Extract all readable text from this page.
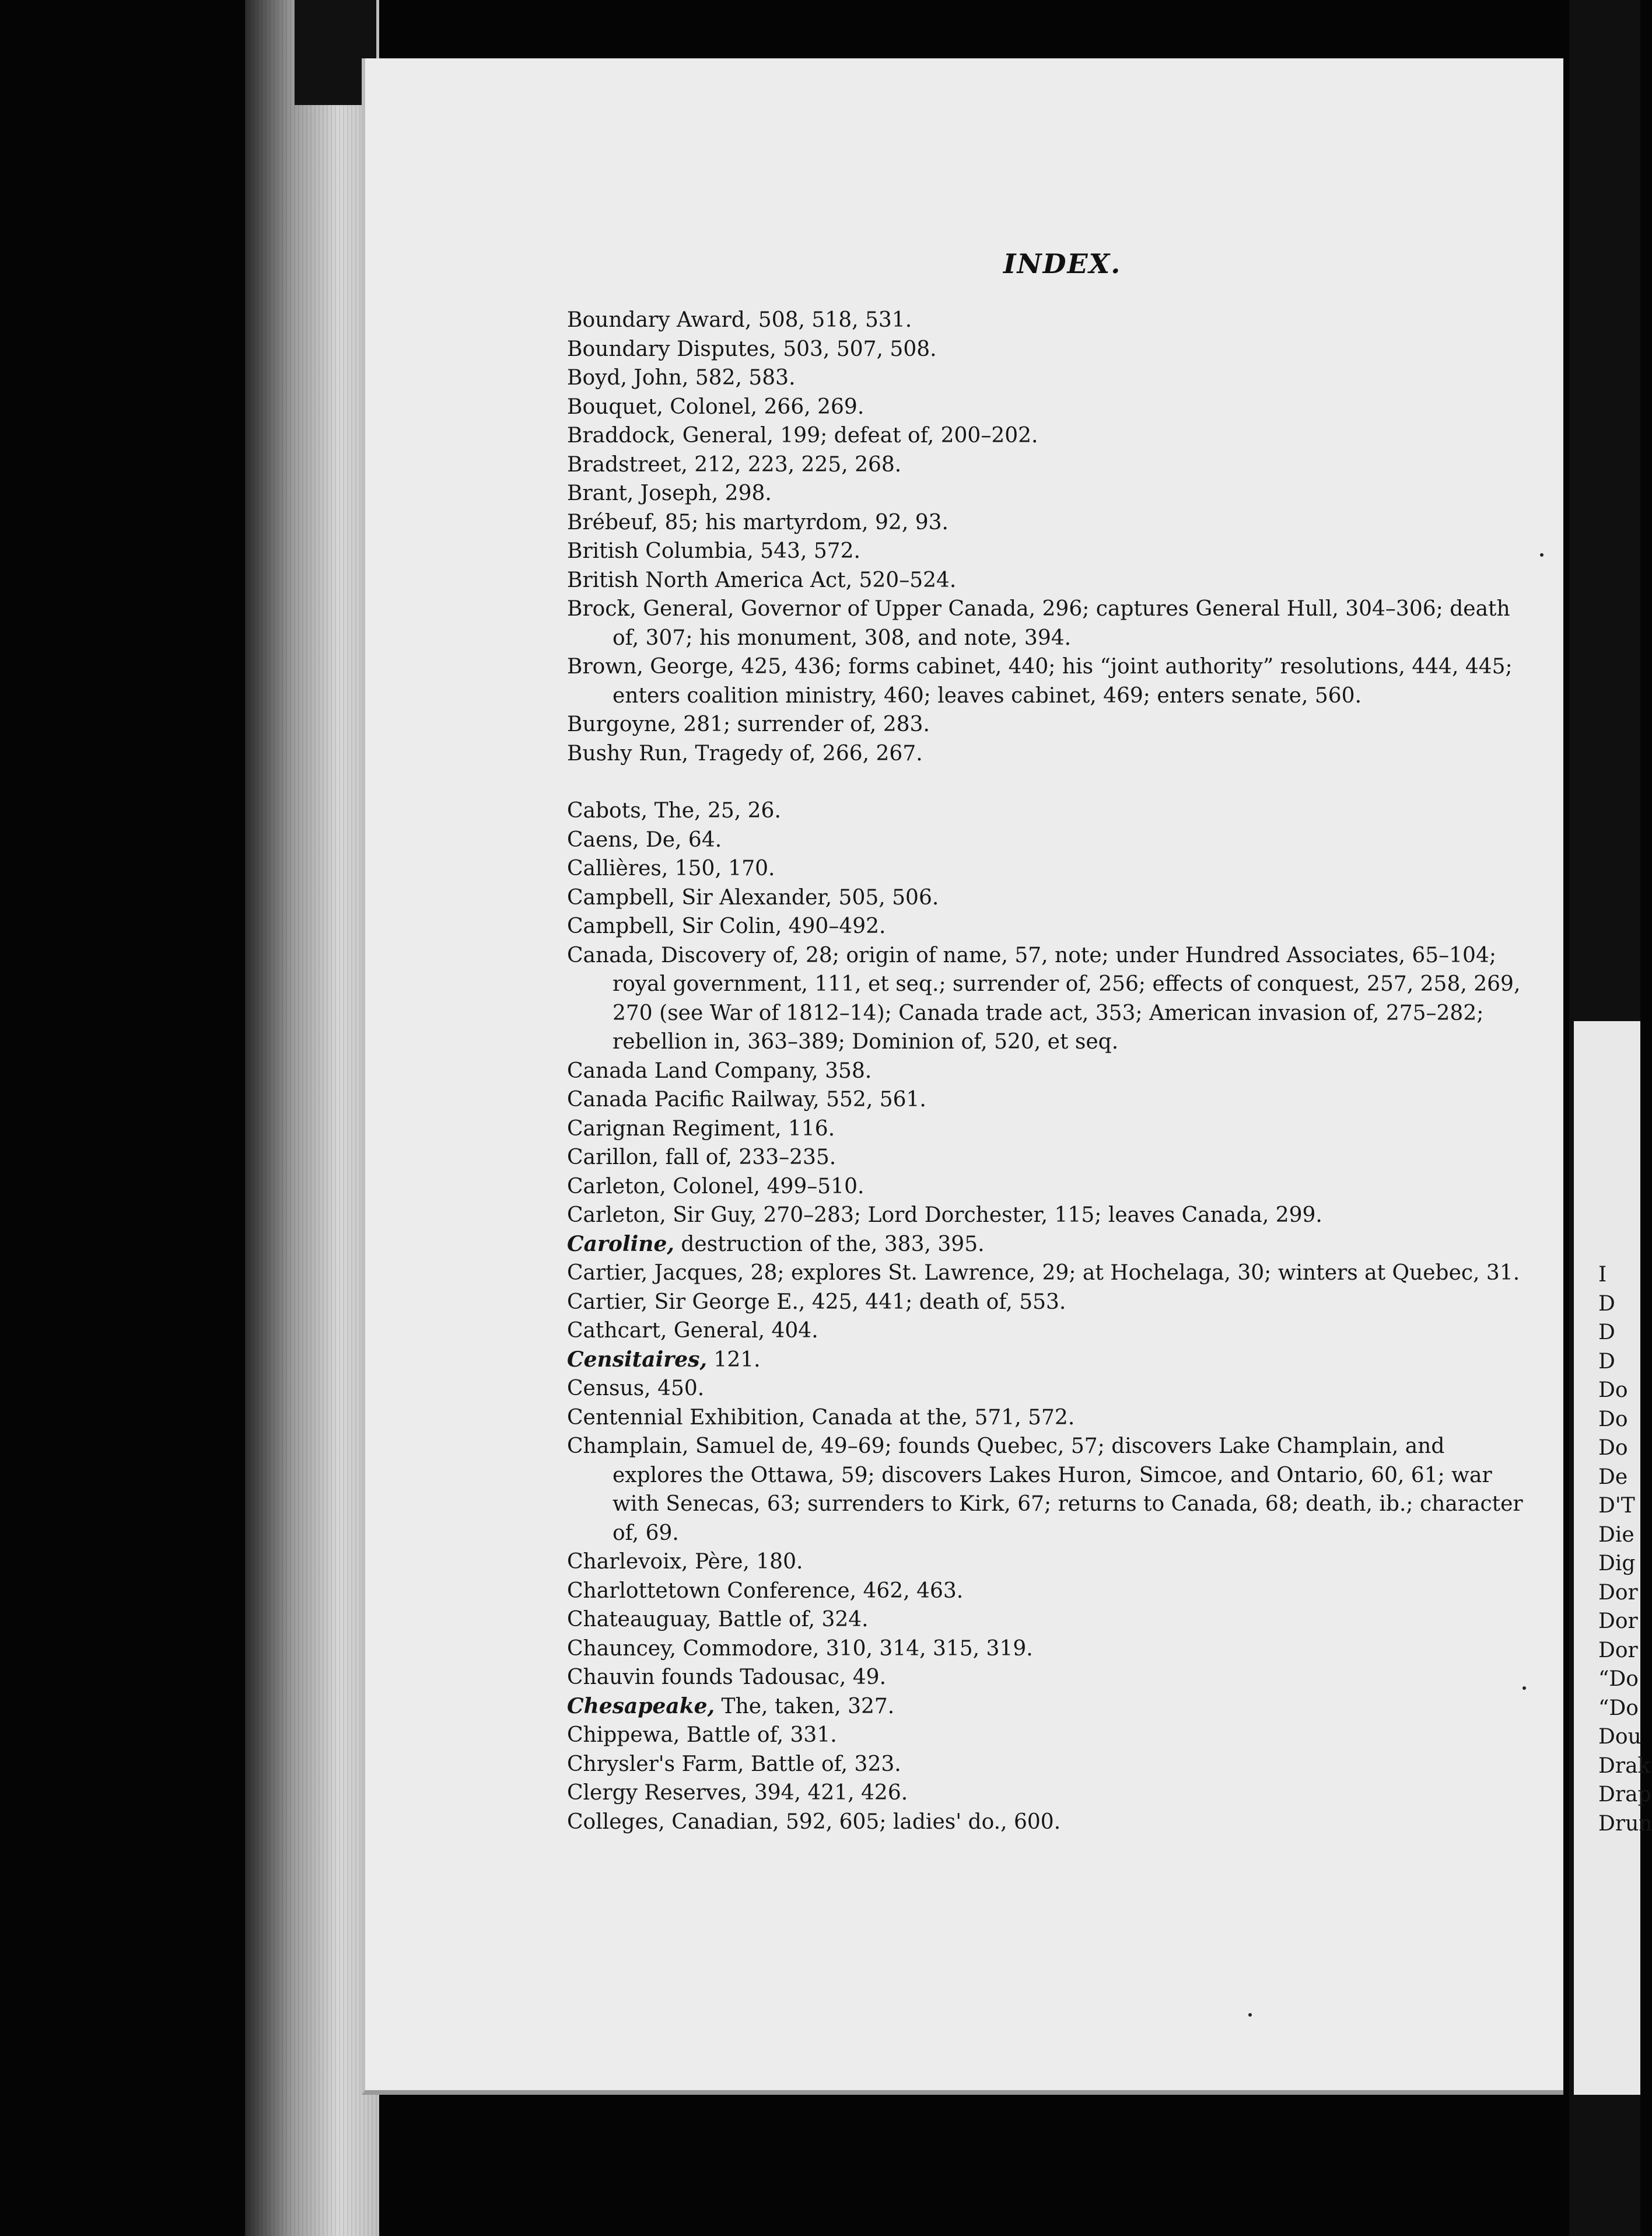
INDEX.
Boundary Award, 508, 518, 531.
Boundary Disputes, 503, 507, 508.
Boyd, John, 582, 583.
Bouquet, Colonel, 266, 269.
Braddock, General, 199; defeat of, 200–202.
Bradstreet, 212, 223, 225, 268.
Brant, Joseph, 298.
Brébeuf, 85; his martyrdom, 92, 93.
British Columbia, 543, 572.
British North America Act, 520–524.
Brock, General, Governor of Upper Canada, 296; captures General Hull, 304–306; death of, 307; his monument, 308, and note, 394.
Brown, George, 425, 436; forms cabinet, 440; his “joint authority” resolutions, 444, 445; enters coalition ministry, 460; leaves cabinet, 469; enters senate, 560.
Burgoyne, 281; surrender of, 283.
Bushy Run, Tragedy of, 266, 267.
Cabots, The, 25, 26.
Caens, De, 64.
Callières, 150, 170.
Campbell, Sir Alexander, 505, 506.
Campbell, Sir Colin, 490–492.
Canada, Discovery of, 28; origin of name, 57, note; under Hundred Associates, 65–104; royal government, 111, et seq.; surrender of, 256; effects of conquest, 257, 258, 269, 270 (see War of 1812–14); Canada trade act, 353; American invasion of, 275–282; rebellion in, 363–389; Dominion of, 520, et seq.
Canada Land Company, 358.
Canada Pacific Railway, 552, 561.
Carignan Regiment, 116.
Carillon, fall of, 233–235.
Carleton, Colonel, 499–510.
Carleton, Sir Guy, 270–283; Lord Dorchester, 115; leaves Canada, 299.
Caroline, destruction of the, 383, 395.
Cartier, Jacques, 28; explores St. Lawrence, 29; at Hochelaga, 30; winters at Quebec, 31.
Cartier, Sir George E., 425, 441; death of, 553.
Cathcart, General, 404.
Censitaires, 121.
Census, 450.
Centennial Exhibition, Canada at the, 571, 572.
Champlain, Samuel de, 49–69; founds Quebec, 57; discovers Lake Champlain, and explores the Ottawa, 59; discovers Lakes Huron, Simcoe, and Ontario, 60, 61; war with Senecas, 63; surrenders to Kirk, 67; returns to Canada, 68; death, ib.; character of, 69.
Charlevoix, Père, 180.
Charlottetown Conference, 462, 463.
Chateauguay, Battle of, 324.
Chauncey, Commodore, 310, 314, 315, 319.
Chauvin founds Tadousac, 49.
Chesapeake, The, taken, 327.
Chippewa, Battle of, 331.
Chrysler's Farm, Battle of, 323.
Clergy Reserves, 394, 421, 426.
Colleges, Canadian, 592, 605; ladies' do., 600.
I
D
D
D
Do
Do
Do
De
D'T
Die
Dig
Dor
Dor
Dor
“Do
“Do
Dou
Drak
Drap
Drun
